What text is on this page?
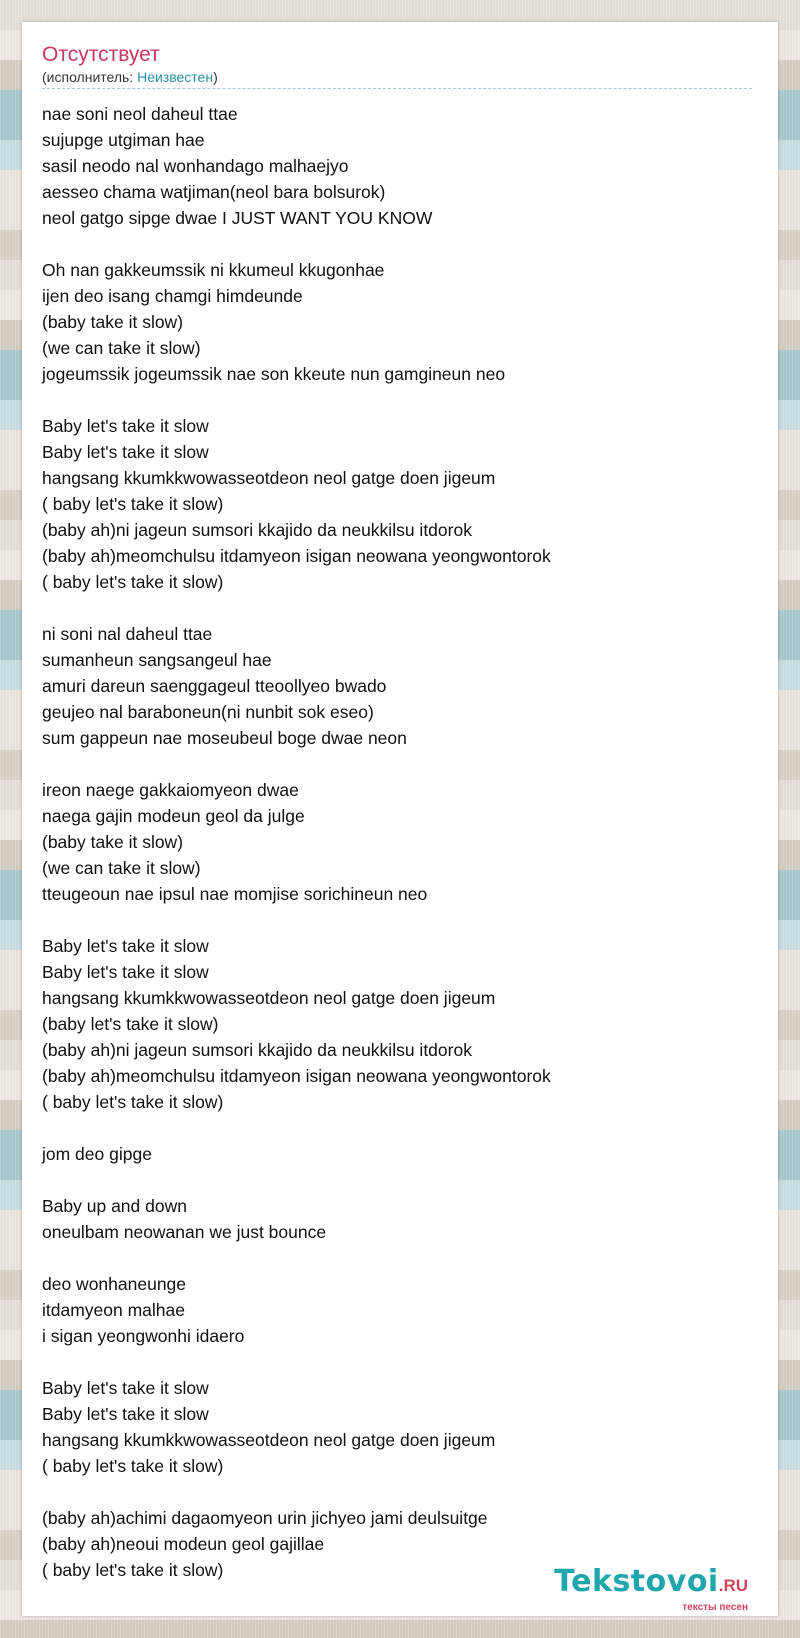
Отсутствует
(исполнитель: Неизвестен)
nae soni neol daheul ttae
sujupge utgiman hae
sasil neodo nal wonhandago malhaejyo
aesseo chama watjiman(neol bara bolsurok)
neol gatgo sipge dwae I JUST WANT YOU KNOW
Oh nan gakkeumssik ni kkumeul kkugonhae
ijen deo isang chamgi himdeunde
(baby take it slow)
(we can take it slow)
jogeumssik jogeumssik nae son kkeute nun gamgineun neo
Baby let's take it slow
Baby let's take it slow
hangsang kkumkkwowasseotdeon neol gatge doen jigeum
( baby let's take it slow)
(baby ah)ni jageun sumsori kkajido da neukkilsu itdorok
(baby ah)meomchulsu itdamyeon isigan neowana yeongwontorok
( baby let's take it slow)
ni soni nal daheul ttae
sumanheun sangsangeul hae
amuri dareun saenggageul tteoollyeo bwado
geujeo nal baraboneun(ni nunbit sok eseo)
sum gappeun nae moseubeul boge dwae neon
ireon naege gakkaiomyeon dwae
naega gajin modeun geol da julge
(baby take it slow)
(we can take it slow)
tteugeoun nae ipsul nae momjise sorichineun neo
Baby let's take it slow
Baby let's take it slow
hangsang kkumkkwowasseotdeon neol gatge doen jigeum
(baby let's take it slow)
(baby ah)ni jageun sumsori kkajido da neukkilsu itdorok
(baby ah)meomchulsu itdamyeon isigan neowana yeongwontorok
( baby let's take it slow)
jom deo gipge
Baby up and down
oneulbam neowanan we just bounce
deo wonhaneunge
itdamyeon malhae
i sigan yeongwonhi idaero
Baby let's take it slow
Baby let's take it slow
hangsang kkumkkwowasseotdeon neol gatge doen jigeum
( baby let's take it slow)
(baby ah)achimi dagaomyeon urin jichyeo jami deulsuitge
(baby ah)neoui modeun geol gajillae
( baby let's take it slow)	Tekstovoi.RU
тексты песен
